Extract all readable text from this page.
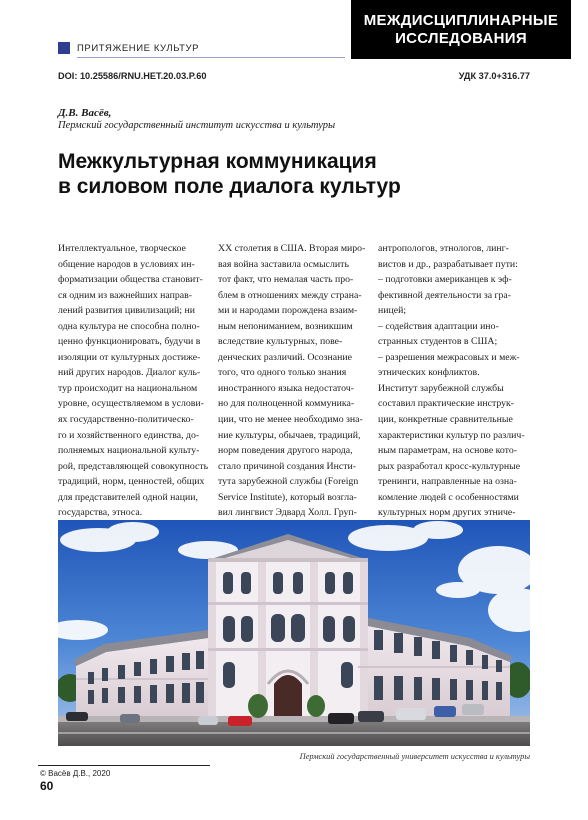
МЕЖДИСЦИПЛИНАРНЫЕ
ИССЛЕДОВАНИЯ
ПРИТЯЖЕНИЕ КУЛЬТУР
DOI: 10.25586/RNU.HET.20.03.P.60	УДК 37.0+316.77
Д.В. Васёв,
Пермский государственный институт искусства и культуры
Межкультурная коммуникация
в силовом поле диалога культур
Интеллектуальное, творческое
общение народов в условиях ин-
форматизации общества становит-
ся одним из важнейших направ-
лений развития цивилизаций; ни
одна культура не способна полно-
ценно функционировать, будучи в
изоляции от культурных достиже-
ний других народов. Диалог куль-
тур происходит на национальном
уровне, осуществляемом в услови-
ях государственно-политическо-
го и хозяйственного единства, до-
полняемых национальной культу-
рой, представляющей совокупность
традиций, норм, ценностей, общих
для представителей одной нации,
государства, этноса.
XX столетия в США. Вторая миро-
вая война заставила осмыслить
тот факт, что немалая часть про-
блем в отношениях между страна-
ми и народами порождена взаим-
ным непониманием, возникшим
вследствие культурных, пове-
денческих различий. Осознание
того, что одного только знания
иностранного языка недостаточ-
но для полноценной коммуника-
ции, что не менее необходимо зна-
ние культуры, обычаев, традиций,
норм поведения другого народа,
стало причиной создания Инсти-
тута зарубежной службы (Foreign
Service Institute), который возгла-
вил лингвист Эдвард Холл. Груп-
антропологов, этнологов, линг-
вистов и др., разрабатывает пути:
– подготовки американцев к эф-
фективной деятельности за гра-
ницей;
– содействия адаптации ино-
странных студентов в США;
– разрешения межрасовых и меж-
этнических конфликтов.
Институт зарубежной службы
составил практические инструк-
ции, конкретные сравнительные
характеристики культур по различ-
ным параметрам, на основе кото-
рых разработал кросс-культурные
тренинги, направленные на озна-
комление людей с особенностями
культурных норм других этниче-
Пермский государственный университет искусства и культуры
© Васёв Д.В., 2020
60
